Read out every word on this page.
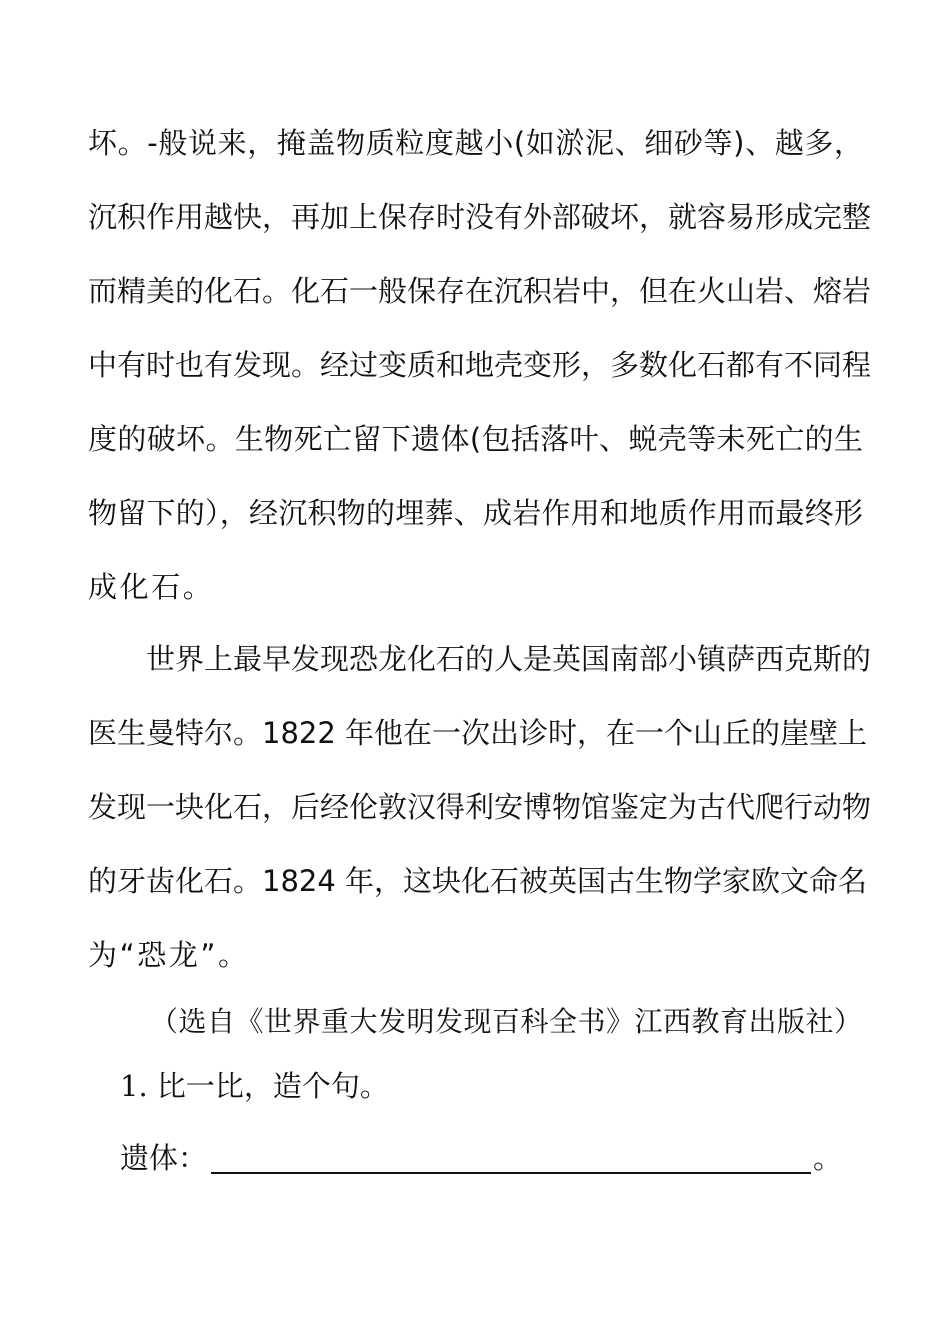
坏。-般说来，掩盖物质粒度越小(如淤泥、细砂等)、越多，
沉积作用越快，再加上保存时没有外部破坏，就容易形成完整
而精美的化石。化石一般保存在沉积岩中，但在火山岩、熔岩
中有时也有发现。经过变质和地壳变形，多数化石都有不同程
度的破坏。生物死亡留下遗体(包括落叶、蜕壳等未死亡的生
物留下的），经沉积物的埋葬、成岩作用和地质作用而最终形
成化石。
世界上最早发现恐龙化石的人是英国南部小镇萨西克斯的
医生曼特尔。1822 年他在一次出诊时，在一个山丘的崖壁上
发现一块化石，后经伦敦汉得利安博物馆鉴定为古代爬行动物
的牙齿化石。1824 年，这块化石被英国古生物学家欧文命名
为“恐龙”。
（选自《世界重大发明发现百科全书》江西教育出版社）
1. 比一比，造个句。
遗体：	。
